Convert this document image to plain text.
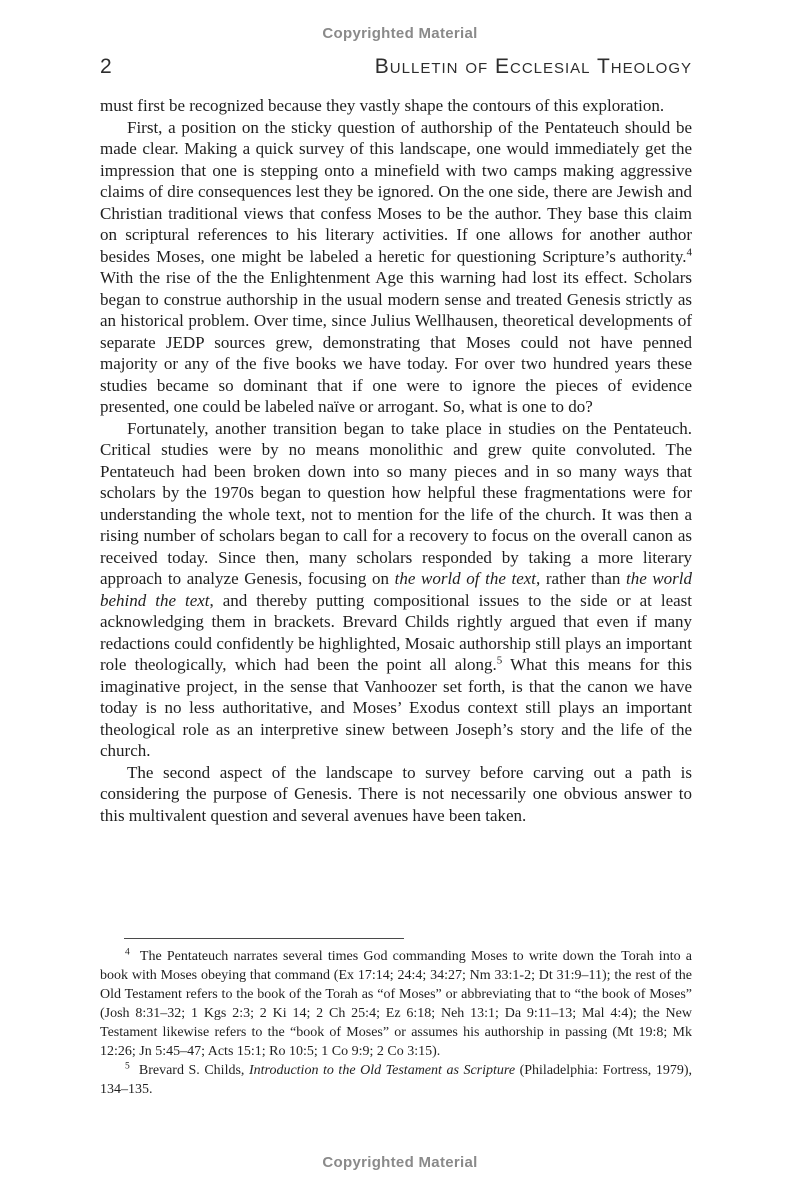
Copyrighted Material
2	Bulletin of Ecclesial Theology

must first be recognized because they vastly shape the contours of this exploration.

First, a position on the sticky question of authorship of the Pentateuch should be made clear. Making a quick survey of this landscape, one would immediately get the impression that one is stepping onto a minefield with two camps making aggressive claims of dire consequences lest they be ignored. On the one side, there are Jewish and Christian traditional views that confess Moses to be the author. They base this claim on scriptural references to his literary activities. If one allows for another author besides Moses, one might be labeled a heretic for questioning Scripture’s authority.$^4$ With the rise of the the Enlightenment Age this warning had lost its effect. Scholars began to construe authorship in the usual modern sense and treated Genesis strictly as an historical problem. Over time, since Julius Wellhausen, theoretical developments of separate JEDP sources grew, demonstrating that Moses could not have penned majority or any of the five books we have today. For over two hundred years these studies became so dominant that if one were to ignore the pieces of evidence presented, one could be labeled naïve or arrogant. So, what is one to do?

Fortunately, another transition began to take place in studies on the Pentateuch. Critical studies were by no means monolithic and grew quite convoluted. The Pentateuch had been broken down into so many pieces and in so many ways that scholars by the 1970s began to question how helpful these fragmentations were for understanding the whole text, not to mention for the life of the church. It was then a rising number of scholars began to call for a recovery to focus on the overall canon as received today. Since then, many scholars responded by taking a more literary approach to analyze Genesis, focusing on the world of the text, rather than the world behind the text, and thereby putting compositional issues to the side or at least acknowledging them in brackets. Brevard Childs rightly argued that even if many redactions could confidently be highlighted, Mosaic authorship still plays an important role theologically, which had been the point all along.$^5$ What this means for this imaginative project, in the sense that Vanhoozer set forth, is that the canon we have today is no less authoritative, and Moses’ Exodus context still plays an important theological role as an interpretive sinew between Joseph’s story and the life of the church.

The second aspect of the landscape to survey before carving out a path is considering the purpose of Genesis. There is not necessarily one obvious answer to this multivalent question and several avenues have been taken.

$^4$ The Pentateuch narrates several times God commanding Moses to write down the Torah into a book with Moses obeying that command (Ex 17:14; 24:4; 34:27; Nm 33:1-2; Dt 31:9–11); the rest of the Old Testament refers to the book of the Torah as “of Moses” or abbreviating that to “the book of Moses” (Josh 8:31–32; 1 Kgs 2:3; 2 Ki 14; 2 Ch 25:4; Ez 6:18; Neh 13:1; Da 9:11–13; Mal 4:4); the New Testament likewise refers to the “book of Moses” or assumes his authorship in passing (Mt 19:8; Mk 12:26; Jn 5:45–47; Acts 15:1; Ro 10:5; 1 Co 9:9; 2 Co 3:15).

$^5$ Brevard S. Childs, Introduction to the Old Testament as Scripture (Philadelphia: Fortress, 1979), 134–135.

Copyrighted Material
